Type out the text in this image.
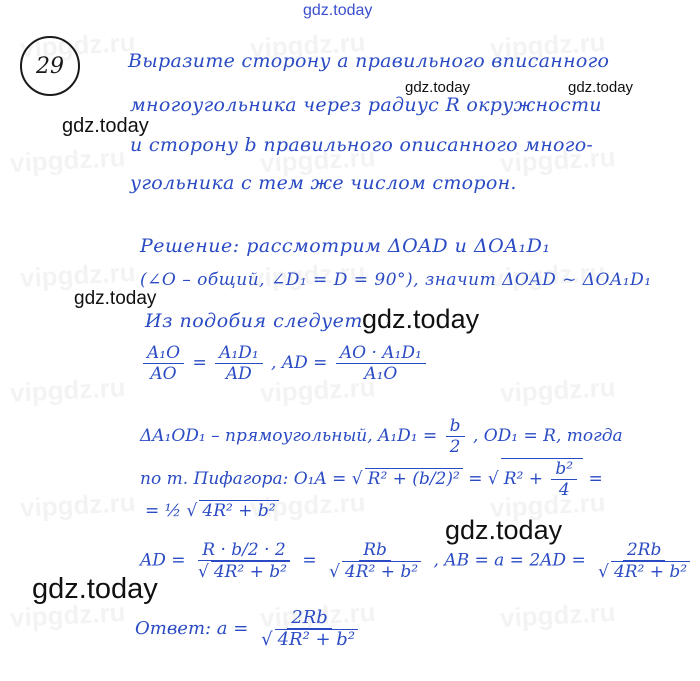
gdz.today
29	Выразите сторону a правильного вписанного
многоугольника через радиус R окружности
и сторону b правильного описанного много-
угольника с тем же числом сторон.
Решение: рассмотрим ΔOAD и ΔOA₁D₁
(∠O – общий, ∠D₁ = D = 90°), значит ΔOAD ~ ΔOA₁D₁
Из подобия следует
$\frac{\text{A₁O}}{AO} = \frac{\text{A₁D₁}}{AD}$ , AD = $\frac{\text{AO · A₁D₁}}{\text{A₁O}}$
ΔA₁OD₁ – прямоугольный, $A_1D_1 = \frac{b}{2}$ , OD₁ = R, тогда
по т. Пифагора: O₁A = √ R² + (b/2)² = √ $R^2 + \frac{\text{b²}}{4}$ =
= ½ √ 4R² + b²
AD = $\frac{R \cdot b/2 \cdot 2}{\text{√ 4R² + b²}} = \frac{Rb}{\text{√ 4R² + b²}}$ , AB = $a = 2AD = \frac{2Rb}{\text{√ 4R² + b²}}$
Ответ: $a = \frac{2Rb}{\text{√ 4R² + b²}}$
gdz.today	gdz.today
gdz.today
gdz.today
gdz.today
gdz.today
gdz.today
